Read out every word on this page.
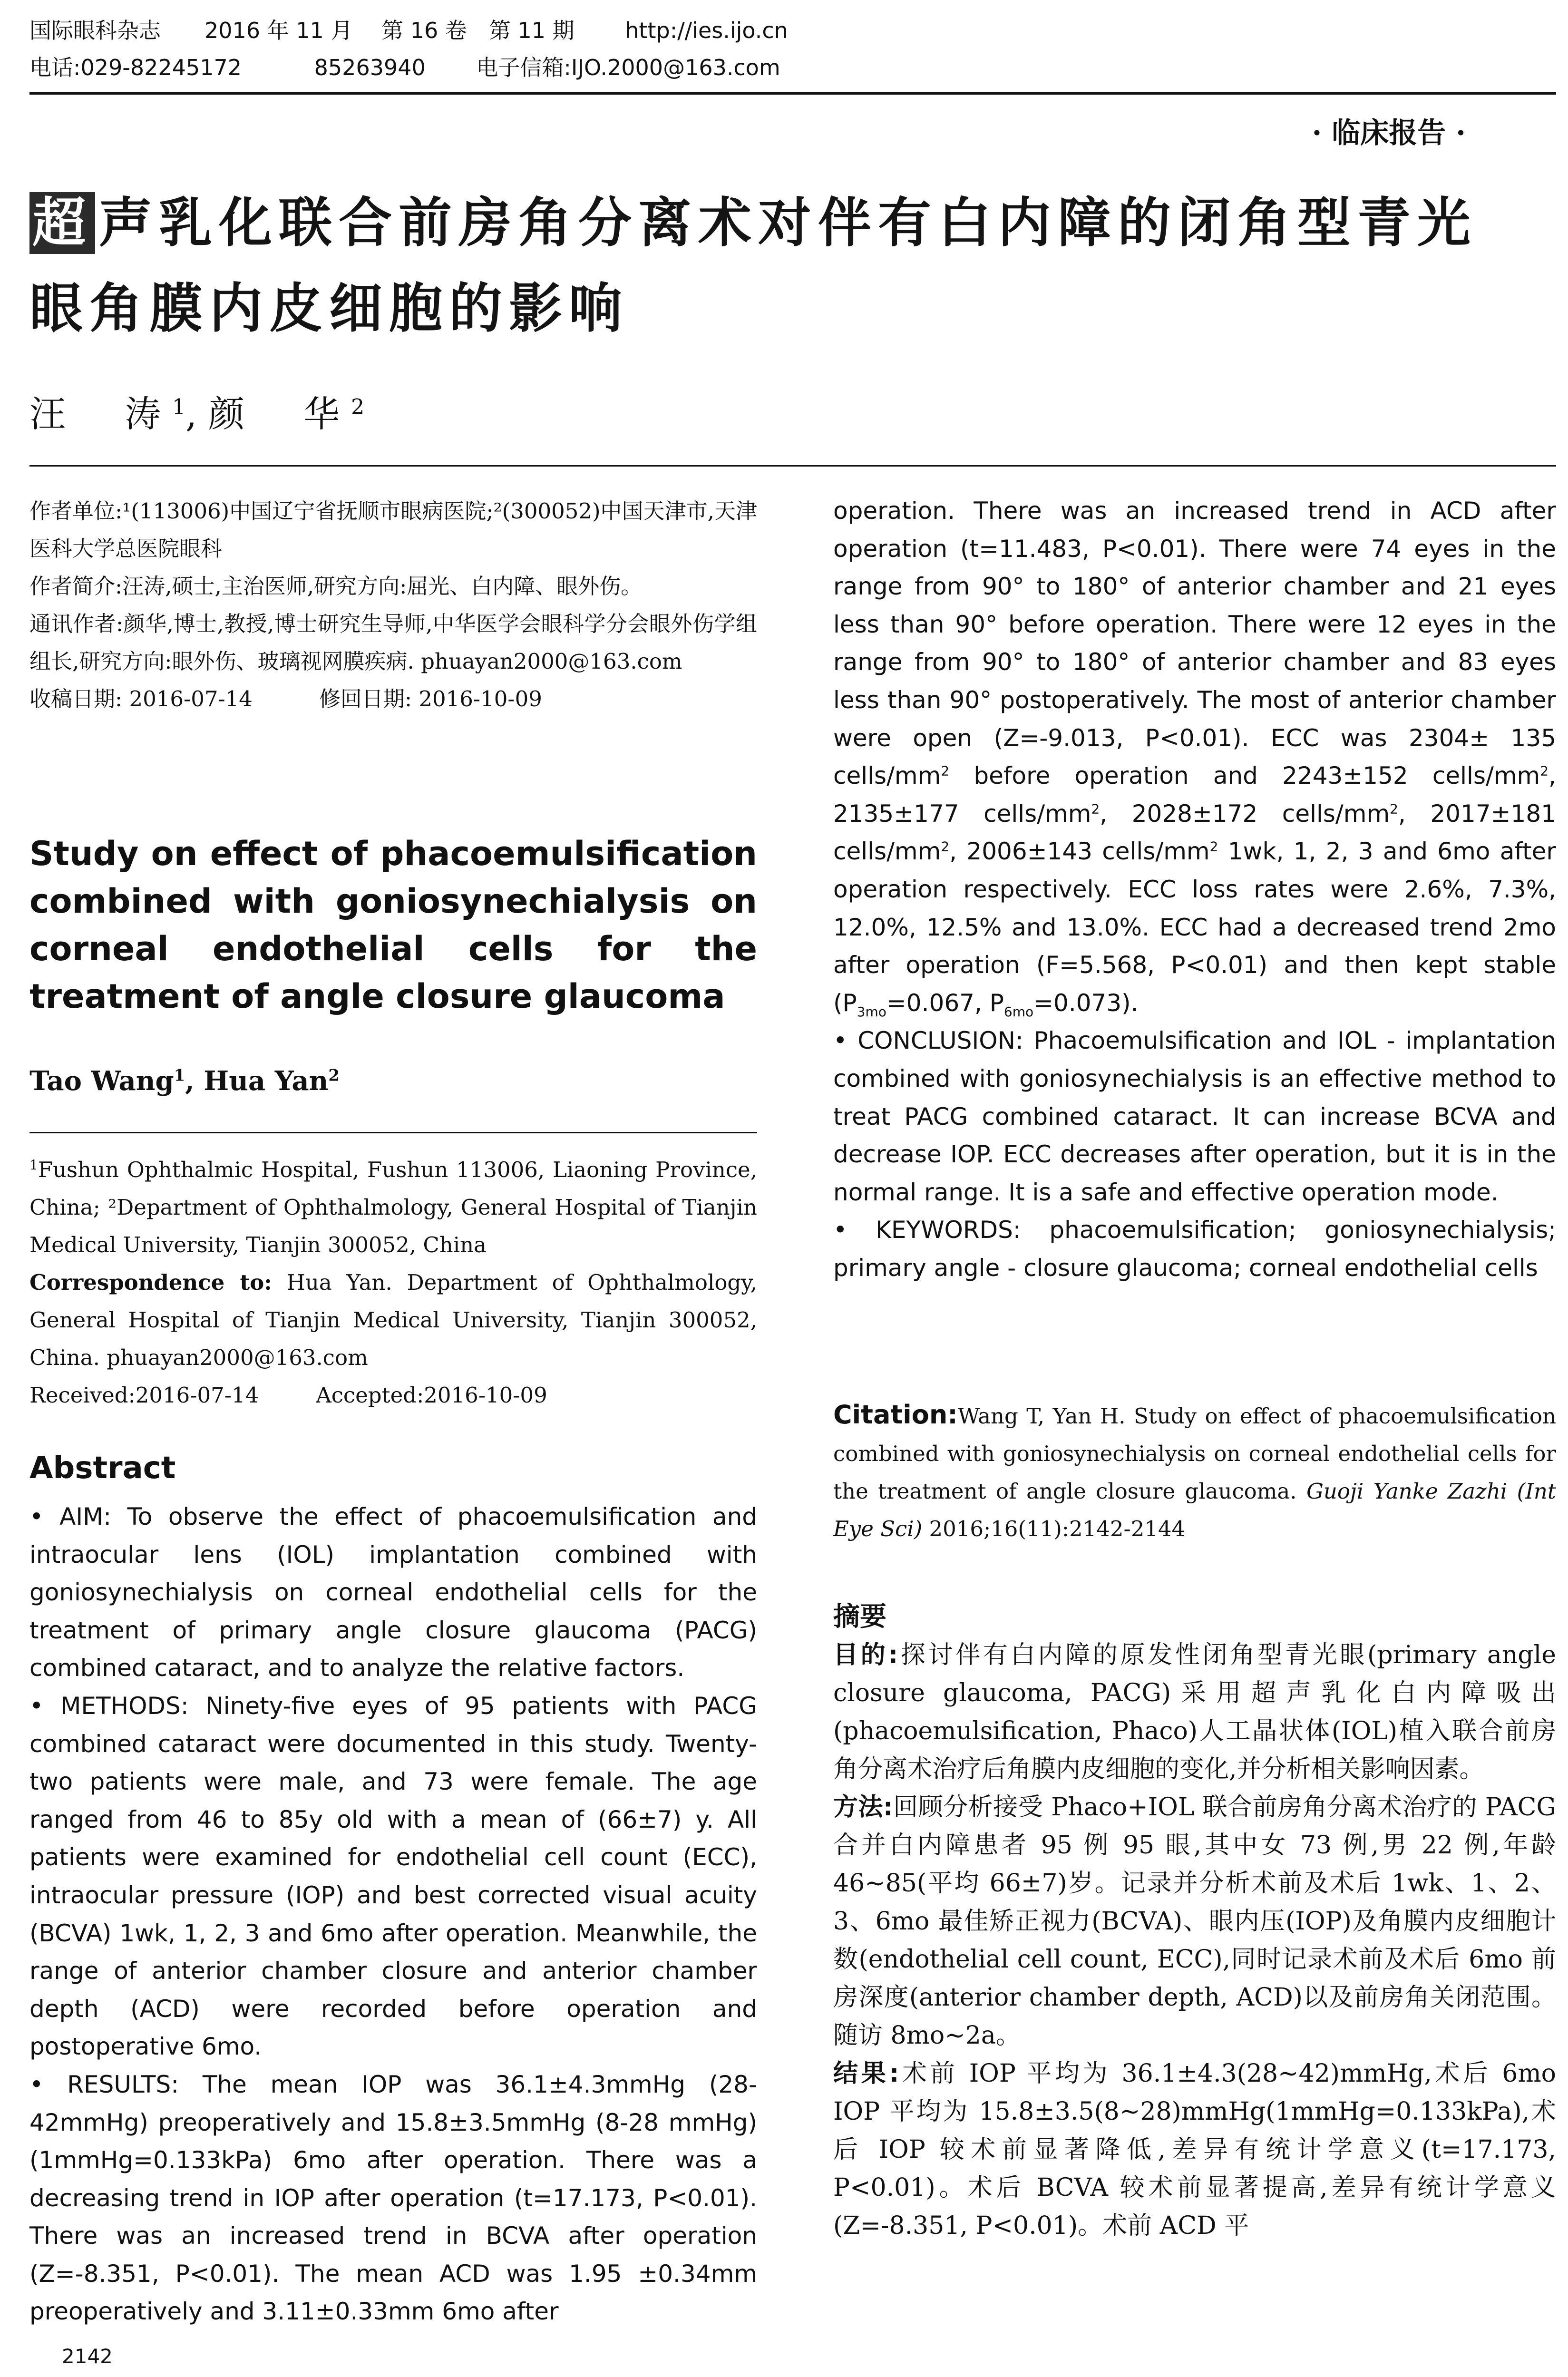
国际眼科杂志　　2016 年 11 月　 第 16 卷　第 11 期　　 http://ies.ijo.cn
电话:029-82245172　　　 85263940　　 电子信箱:IJO.2000@163.com
· 临床报告 ·
超 声乳化联合前房角分离术对伴有白内障的闭角型青光
眼角膜内皮细胞的影响
汪　涛$^1$,颜　华$^2$

作者单位:¹(113006)中国辽宁省抚顺市眼病医院;²(300052)中国天津市,天津医科大学总医院眼科

作者简介:汪涛,硕士,主治医师,研究方向:屈光、白内障、眼外伤。

通讯作者:颜华,博士,教授,博士研究生导师,中华医学会眼科学分会眼外伤学组组长,研究方向:眼外伤、玻璃视网膜疾病. phuayan2000@163.com

收稿日期: 2016-07-14	修回日期: 2016-10-09

Study on effect of phacoemulsification combined with goniosynechialysis on corneal endothelial cells for the treatment of angle closure glaucoma
Tao Wang$^1$, Hua Yan$^2$

$^1$Fushun Ophthalmic Hospital, Fushun 113006, Liaoning Province, China; ²Department of Ophthalmology, General Hospital of Tianjin Medical University, Tianjin 300052, China

Correspondence to: Hua Yan. Department of Ophthalmology, General Hospital of Tianjin Medical University, Tianjin 300052, China. phuayan2000@163.com

Received:2016-07-14	Accepted:2016-10-09

Abstract

• AIM: To observe the effect of phacoemulsification and intraocular lens (IOL) implantation combined with goniosynechialysis on corneal endothelial cells for the treatment of primary angle closure glaucoma (PACG) combined cataract, and to analyze the relative factors.

• METHODS: Ninety-five eyes of 95 patients with PACG combined cataract were documented in this study. Twenty-two patients were male, and 73 were female. The age ranged from 46 to 85y old with a mean of (66±7) y. All patients were examined for endothelial cell count (ECC), intraocular pressure (IOP) and best corrected visual acuity (BCVA) 1wk, 1, 2, 3 and 6mo after operation. Meanwhile, the range of anterior chamber closure and anterior chamber depth (ACD) were recorded before operation and postoperative 6mo.

• RESULTS: The mean IOP was 36.1±4.3mmHg (28-42mmHg) preoperatively and 15.8±3.5mmHg (8-28 mmHg)(1mmHg=0.133kPa) 6mo after operation. There was a decreasing trend in IOP after operation (t=17.173, P<0.01). There was an increased trend in BCVA after operation (Z=-8.351, P<0.01). The mean ACD was 1.95 ±0.34mm preoperatively and 3.11±0.33mm 6mo after

operation. There was an increased trend in ACD after operation (t=11.483, P<0.01). There were 74 eyes in the range from 90° to 180° of anterior chamber and 21 eyes less than 90° before operation. There were 12 eyes in the range from 90° to 180° of anterior chamber and 83 eyes less than 90° postoperatively. The most of anterior chamber were open (Z=-9.013, P<0.01). ECC was 2304± 135 cells/$mm^2$ before operation and 2243±152 cells/$mm^2$, 2135±177 cells/$mm^2$, 2028±172 cells/$mm^2$, 2017±181 cells/$mm^2$, 2006±143 cells/$mm^2$ 1wk, 1, 2, 3 and 6mo after operation respectively. ECC loss rates were 2.6%, 7.3%, 12.0%, 12.5% and 13.0%. ECC had a decreased trend 2mo after operation (F=5.568, P<0.01) and then kept stable ($P_{3mo}=0.067$, $P_{6mo}=0.073$).

• CONCLUSION: Phacoemulsification and IOL - implantation combined with goniosynechialysis is an effective method to treat PACG combined cataract. It can increase BCVA and decrease IOP. ECC decreases after operation, but it is in the normal range. It is a safe and effective operation mode.

• KEYWORDS: phacoemulsification; goniosynechialysis; primary angle - closure glaucoma; corneal endothelial cells

Citation:Wang T, Yan H. Study on effect of phacoemulsification combined with goniosynechialysis on corneal endothelial cells for the treatment of angle closure glaucoma. Guoji Yanke Zazhi (Int Eye Sci) 2016;16(11):2142-2144
摘要

目的:探讨伴有白内障的原发性闭角型青光眼(primary angle closure glaucoma, PACG)采用超声乳化白内障吸出(phacoemulsification, Phaco)人工晶状体(IOL)植入联合前房角分离术治疗后角膜内皮细胞的变化,并分析相关影响因素。

方法:回顾分析接受 Phaco+IOL 联合前房角分离术治疗的 PACG 合并白内障患者 95 例 95 眼,其中女 73 例,男 22 例,年龄 46~85(平均 66±7)岁。记录并分析术前及术后 1wk、1、2、3、6mo 最佳矫正视力(BCVA)、眼内压(IOP)及角膜内皮细胞计数(endothelial cell count, ECC),同时记录术前及术后 6mo 前房深度(anterior chamber depth, ACD)以及前房角关闭范围。随访 8mo~2a。

结果:术前 IOP 平均为 36.1±4.3(28~42)mmHg,术后 6mo IOP 平均为 15.8±3.5(8~28)mmHg(1mmHg=0.133kPa),术后 IOP 较术前显著降低,差异有统计学意义(t=17.173, P<0.01)。术后 BCVA 较术前显著提高,差异有统计学意义(Z=-8.351, P<0.01)。术前 ACD 平

2142
